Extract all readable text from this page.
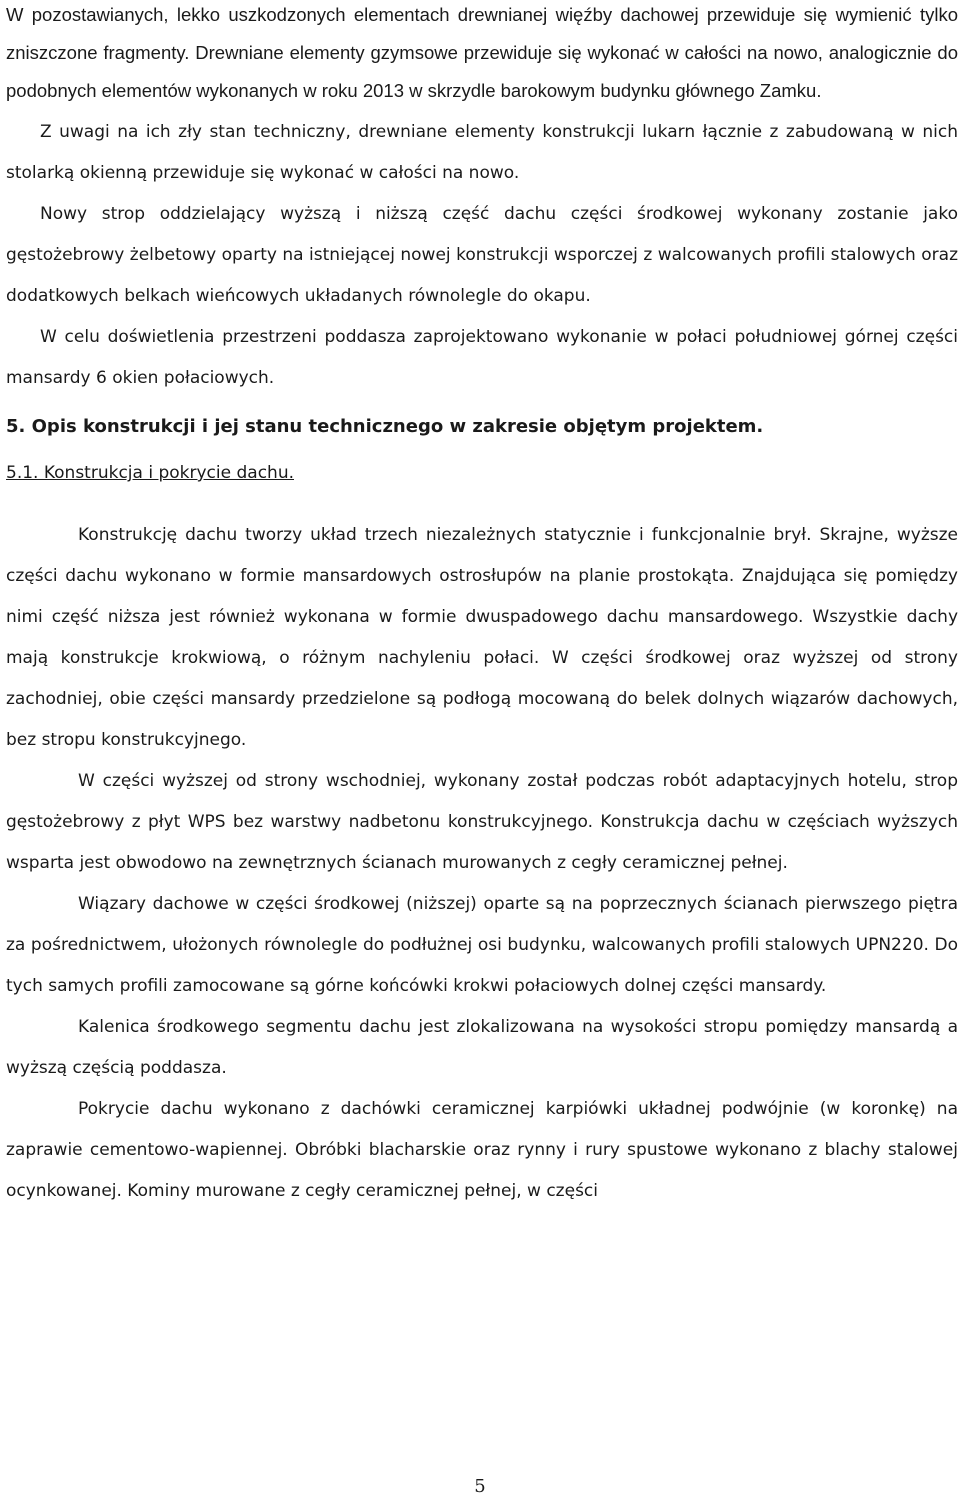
W pozostawianych, lekko uszkodzonych elementach drewnianej więźby dachowej przewiduje się wymienić tylko zniszczone fragmenty. Drewniane elementy gzymsowe przewiduje się wykonać w całości na nowo, analogicznie do podobnych elementów wykonanych w roku 2013 w skrzydle barokowym budynku głównego Zamku.

Z uwagi na ich zły stan techniczny, drewniane elementy konstrukcji lukarn łącznie z zabudowaną w nich stolarką okienną przewiduje się wykonać w całości na nowo.

Nowy strop oddzielający wyższą i niższą część dachu części środkowej wykonany zostanie jako gęstożebrowy żelbetowy oparty na istniejącej nowej konstrukcji wsporczej z walcowanych profili stalowych oraz dodatkowych belkach wieńcowych układanych równolegle do okapu.

W celu doświetlenia przestrzeni poddasza zaprojektowano wykonanie w połaci południowej górnej części mansardy 6 okien połaciowych.

5. Opis konstrukcji i jej stanu technicznego w zakresie objętym projektem.

5.1. Konstrukcja i pokrycie dachu.

Konstrukcję dachu tworzy układ trzech niezależnych statycznie i funkcjonalnie brył. Skrajne, wyższe części dachu wykonano w formie mansardowych ostrosłupów na planie prostokąta. Znajdująca się pomiędzy nimi część niższa jest również wykonana w formie dwuspadowego dachu mansardowego. Wszystkie dachy mają konstrukcje krokwiową, o różnym nachyleniu połaci. W części środkowej oraz wyższej od strony zachodniej, obie części mansardy przedzielone są podłogą mocowaną do belek dolnych wiązarów dachowych, bez stropu konstrukcyjnego.

W części wyższej od strony wschodniej, wykonany został podczas robót adaptacyjnych hotelu, strop gęstożebrowy z płyt WPS bez warstwy nadbetonu konstrukcyjnego. Konstrukcja dachu w częściach wyższych wsparta jest obwodowo na zewnętrznych ścianach murowanych z cegły ceramicznej pełnej.

Wiązary dachowe w części środkowej (niższej) oparte są na poprzecznych ścianach pierwszego piętra za pośrednictwem, ułożonych równolegle do podłużnej osi budynku, walcowanych profili stalowych UPN220. Do tych samych profili zamocowane są górne końcówki krokwi połaciowych dolnej części mansardy.

Kalenica środkowego segmentu dachu jest zlokalizowana na wysokości stropu pomiędzy mansardą a wyższą częścią poddasza.

Pokrycie dachu wykonano z dachówki ceramicznej karpiówki układnej podwójnie (w koronkę) na zaprawie cementowo-wapiennej. Obróbki blacharskie oraz rynny i rury spustowe wykonano z blachy stalowej ocynkowanej. Kominy murowane z cegły ceramicznej pełnej, w części

5
